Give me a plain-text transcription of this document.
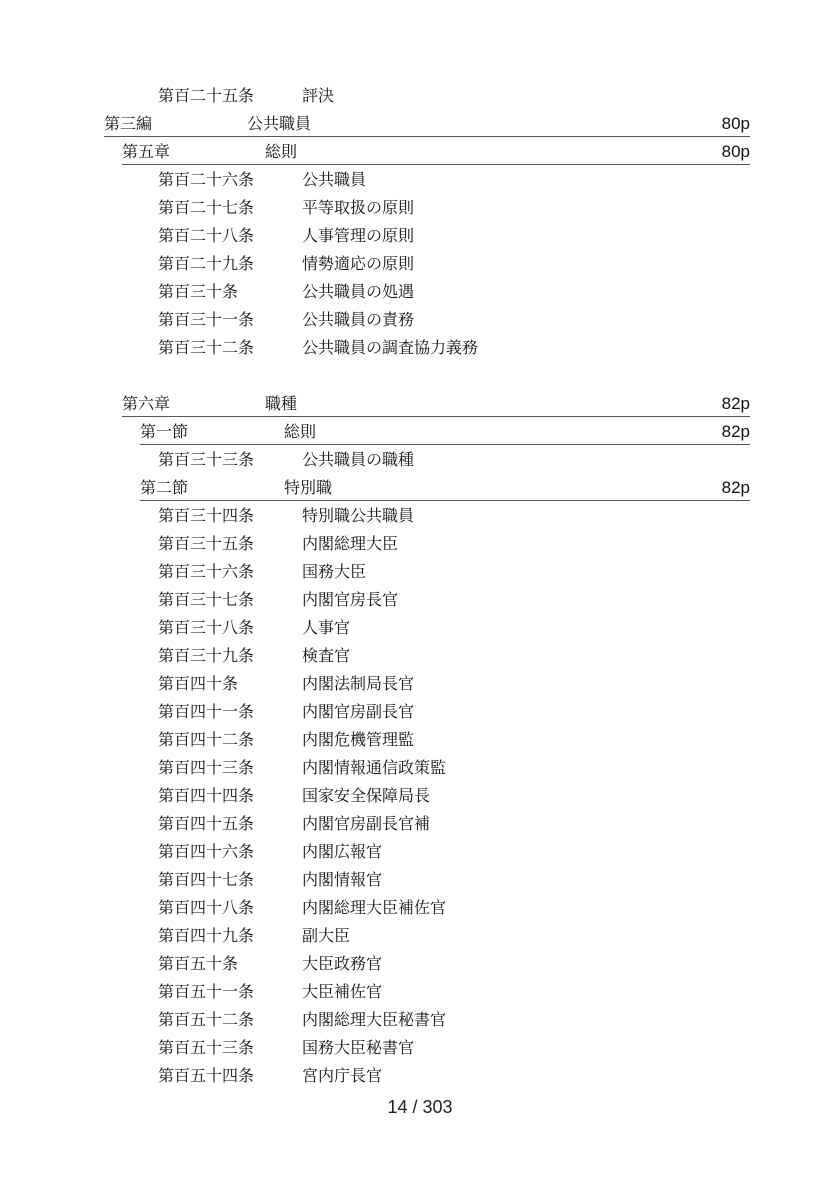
第百二十五条	評決
第三編	公共職員	80p
第五章	総則	80p
第百二十六条	公共職員
第百二十七条	平等取扱の原則
第百二十八条	人事管理の原則
第百二十九条	情勢適応の原則
第百三十条	公共職員の処遇
第百三十一条	公共職員の責務
第百三十二条	公共職員の調査協力義務
第六章	職種	82p
第一節	総則	82p
第百三十三条	公共職員の職種
第二節	特別職	82p
第百三十四条	特別職公共職員
第百三十五条	内閣総理大臣
第百三十六条	国務大臣
第百三十七条	内閣官房長官
第百三十八条	人事官
第百三十九条	検査官
第百四十条	内閣法制局長官
第百四十一条	内閣官房副長官
第百四十二条	内閣危機管理監
第百四十三条	内閣情報通信政策監
第百四十四条	国家安全保障局長
第百四十五条	内閣官房副長官補
第百四十六条	内閣広報官
第百四十七条	内閣情報官
第百四十八条	内閣総理大臣補佐官
第百四十九条	副大臣
第百五十条	大臣政務官
第百五十一条	大臣補佐官
第百五十二条	内閣総理大臣秘書官
第百五十三条	国務大臣秘書官
第百五十四条	宮内庁長官
14 / 303
